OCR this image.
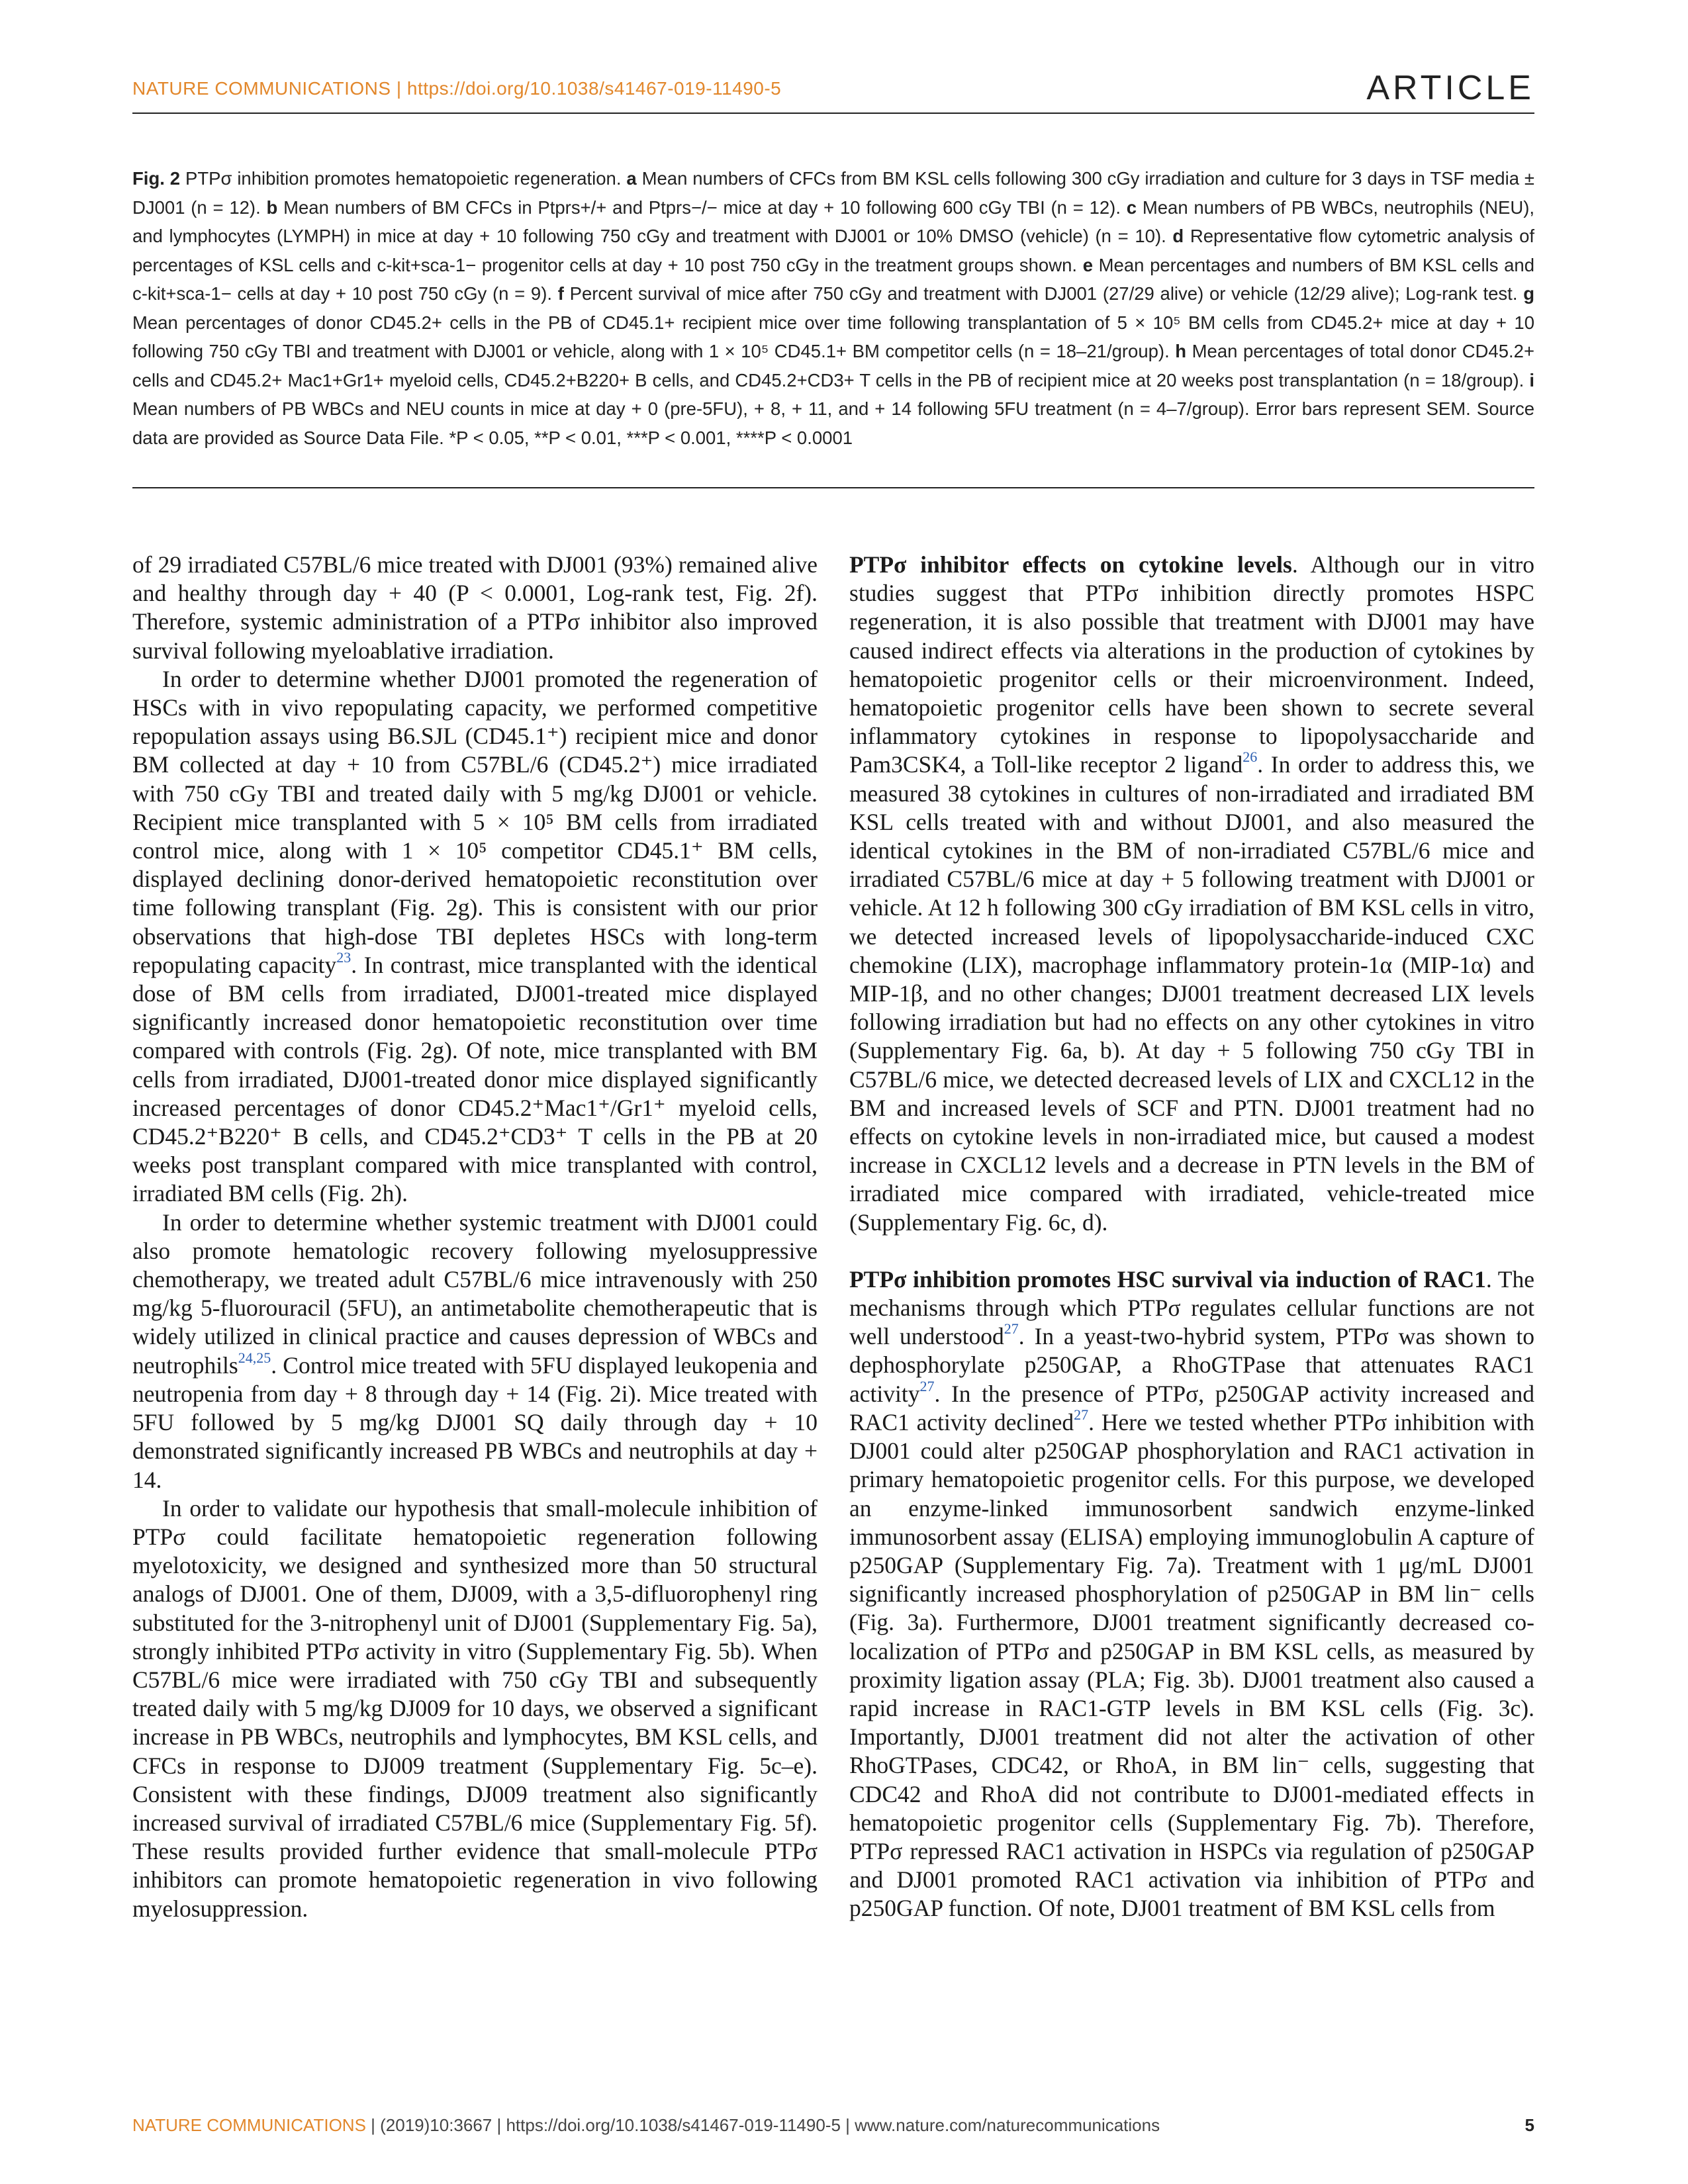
NATURE COMMUNICATIONS | https://doi.org/10.1038/s41467-019-11490-5	ARTICLE
Fig. 2 PTPσ inhibition promotes hematopoietic regeneration. a Mean numbers of CFCs from BM KSL cells following 300 cGy irradiation and culture for 3 days in TSF media ± DJ001 (n = 12). b Mean numbers of BM CFCs in Ptprs+/+ and Ptprs−/− mice at day + 10 following 600 cGy TBI (n = 12). c Mean numbers of PB WBCs, neutrophils (NEU), and lymphocytes (LYMPH) in mice at day + 10 following 750 cGy and treatment with DJ001 or 10% DMSO (vehicle) (n = 10). d Representative flow cytometric analysis of percentages of KSL cells and c-kit+sca-1− progenitor cells at day + 10 post 750 cGy in the treatment groups shown. e Mean percentages and numbers of BM KSL cells and c-kit+sca-1− cells at day + 10 post 750 cGy (n = 9). f Percent survival of mice after 750 cGy and treatment with DJ001 (27/29 alive) or vehicle (12/29 alive); Log-rank test. g Mean percentages of donor CD45.2+ cells in the PB of CD45.1+ recipient mice over time following transplantation of 5 × 10⁵ BM cells from CD45.2+ mice at day + 10 following 750 cGy TBI and treatment with DJ001 or vehicle, along with 1 × 10⁵ CD45.1+ BM competitor cells (n = 18–21/group). h Mean percentages of total donor CD45.2+ cells and CD45.2+ Mac1+Gr1+ myeloid cells, CD45.2+B220+ B cells, and CD45.2+CD3+ T cells in the PB of recipient mice at 20 weeks post transplantation (n = 18/group). i Mean numbers of PB WBCs and NEU counts in mice at day + 0 (pre-5FU), + 8, + 11, and + 14 following 5FU treatment (n = 4–7/group). Error bars represent SEM. Source data are provided as Source Data File. *P < 0.05, **P < 0.01, ***P < 0.001, ****P < 0.0001

of 29 irradiated C57BL/6 mice treated with DJ001 (93%) remained alive and healthy through day + 40 (P < 0.0001, Log-rank test, Fig. 2f). Therefore, systemic administration of a PTPσ inhibitor also improved survival following myeloablative irradiation.

In order to determine whether DJ001 promoted the regeneration of HSCs with in vivo repopulating capacity, we performed competitive repopulation assays using B6.SJL (CD45.1⁺) recipient mice and donor BM collected at day + 10 from C57BL/6 (CD45.2⁺) mice irradiated with 750 cGy TBI and treated daily with 5 mg/kg DJ001 or vehicle. Recipient mice transplanted with 5 × 10⁵ BM cells from irradiated control mice, along with 1 × 10⁵ competitor CD45.1⁺ BM cells, displayed declining donor-derived hematopoietic reconstitution over time following transplant (Fig. 2g). This is consistent with our prior observations that high-dose TBI depletes HSCs with long-term repopulating capacity$^{23}$. In contrast, mice transplanted with the identical dose of BM cells from irradiated, DJ001-treated mice displayed significantly increased donor hematopoietic reconstitution over time compared with controls (Fig. 2g). Of note, mice transplanted with BM cells from irradiated, DJ001-treated donor mice displayed significantly increased percentages of donor CD45.2⁺Mac1⁺/Gr1⁺ myeloid cells, CD45.2⁺B220⁺ B cells, and CD45.2⁺CD3⁺ T cells in the PB at 20 weeks post transplant compared with mice transplanted with control, irradiated BM cells (Fig. 2h).

In order to determine whether systemic treatment with DJ001 could also promote hematologic recovery following myelosuppressive chemotherapy, we treated adult C57BL/6 mice intravenously with 250 mg/kg 5-fluorouracil (5FU), an antimetabolite chemotherapeutic that is widely utilized in clinical practice and causes depression of WBCs and neutrophils$^{24,25}$. Control mice treated with 5FU displayed leukopenia and neutropenia from day + 8 through day + 14 (Fig. 2i). Mice treated with 5FU followed by 5 mg/kg DJ001 SQ daily through day + 10 demonstrated significantly increased PB WBCs and neutrophils at day + 14.

In order to validate our hypothesis that small-molecule inhibition of PTPσ could facilitate hematopoietic regeneration following myelotoxicity, we designed and synthesized more than 50 structural analogs of DJ001. One of them, DJ009, with a 3,5-difluorophenyl ring substituted for the 3-nitrophenyl unit of DJ001 (Supplementary Fig. 5a), strongly inhibited PTPσ activity in vitro (Supplementary Fig. 5b). When C57BL/6 mice were irradiated with 750 cGy TBI and subsequently treated daily with 5 mg/kg DJ009 for 10 days, we observed a significant increase in PB WBCs, neutrophils and lymphocytes, BM KSL cells, and CFCs in response to DJ009 treatment (Supplementary Fig. 5c–e). Consistent with these findings, DJ009 treatment also significantly increased survival of irradiated C57BL/6 mice (Supplementary Fig. 5f). These results provided further evidence that small-molecule PTPσ inhibitors can promote hematopoietic regeneration in vivo following myelosuppression.

PTPσ inhibitor effects on cytokine levels. Although our in vitro studies suggest that PTPσ inhibition directly promotes HSPC regeneration, it is also possible that treatment with DJ001 may have caused indirect effects via alterations in the production of cytokines by hematopoietic progenitor cells or their microenvironment. Indeed, hematopoietic progenitor cells have been shown to secrete several inflammatory cytokines in response to lipopolysaccharide and Pam3CSK4, a Toll-like receptor 2 ligand$^{26}$. In order to address this, we measured 38 cytokines in cultures of non-irradiated and irradiated BM KSL cells treated with and without DJ001, and also measured the identical cytokines in the BM of non-irradiated C57BL/6 mice and irradiated C57BL/6 mice at day + 5 following treatment with DJ001 or vehicle. At 12 h following 300 cGy irradiation of BM KSL cells in vitro, we detected increased levels of lipopolysaccharide-induced CXC chemokine (LIX), macrophage inflammatory protein-1α (MIP-1α) and MIP-1β, and no other changes; DJ001 treatment decreased LIX levels following irradiation but had no effects on any other cytokines in vitro (Supplementary Fig. 6a, b). At day + 5 following 750 cGy TBI in C57BL/6 mice, we detected decreased levels of LIX and CXCL12 in the BM and increased levels of SCF and PTN. DJ001 treatment had no effects on cytokine levels in non-irradiated mice, but caused a modest increase in CXCL12 levels and a decrease in PTN levels in the BM of irradiated mice compared with irradiated, vehicle-treated mice (Supplementary Fig. 6c, d).

PTPσ inhibition promotes HSC survival via induction of RAC1. The mechanisms through which PTPσ regulates cellular functions are not well understood$^{27}$. In a yeast-two-hybrid system, PTPσ was shown to dephosphorylate p250GAP, a RhoGTPase that attenuates RAC1 activity$^{27}$. In the presence of PTPσ, p250GAP activity increased and RAC1 activity declined$^{27}$. Here we tested whether PTPσ inhibition with DJ001 could alter p250GAP phosphorylation and RAC1 activation in primary hematopoietic progenitor cells. For this purpose, we developed an enzyme-linked immunosorbent sandwich enzyme-linked immunosorbent assay (ELISA) employing immunoglobulin A capture of p250GAP (Supplementary Fig. 7a). Treatment with 1 μg/mL DJ001 significantly increased phosphorylation of p250GAP in BM lin⁻ cells (Fig. 3a). Furthermore, DJ001 treatment significantly decreased co-localization of PTPσ and p250GAP in BM KSL cells, as measured by proximity ligation assay (PLA; Fig. 3b). DJ001 treatment also caused a rapid increase in RAC1-GTP levels in BM KSL cells (Fig. 3c). Importantly, DJ001 treatment did not alter the activation of other RhoGTPases, CDC42, or RhoA, in BM lin⁻ cells, suggesting that CDC42 and RhoA did not contribute to DJ001-mediated effects in hematopoietic progenitor cells (Supplementary Fig. 7b). Therefore, PTPσ repressed RAC1 activation in HSPCs via regulation of p250GAP and DJ001 promoted RAC1 activation via inhibition of PTPσ and p250GAP function. Of note, DJ001 treatment of BM KSL cells from

NATURE COMMUNICATIONS | (2019)10:3667 | https://doi.org/10.1038/s41467-019-11490-5 | www.nature.com/naturecommunications	5
